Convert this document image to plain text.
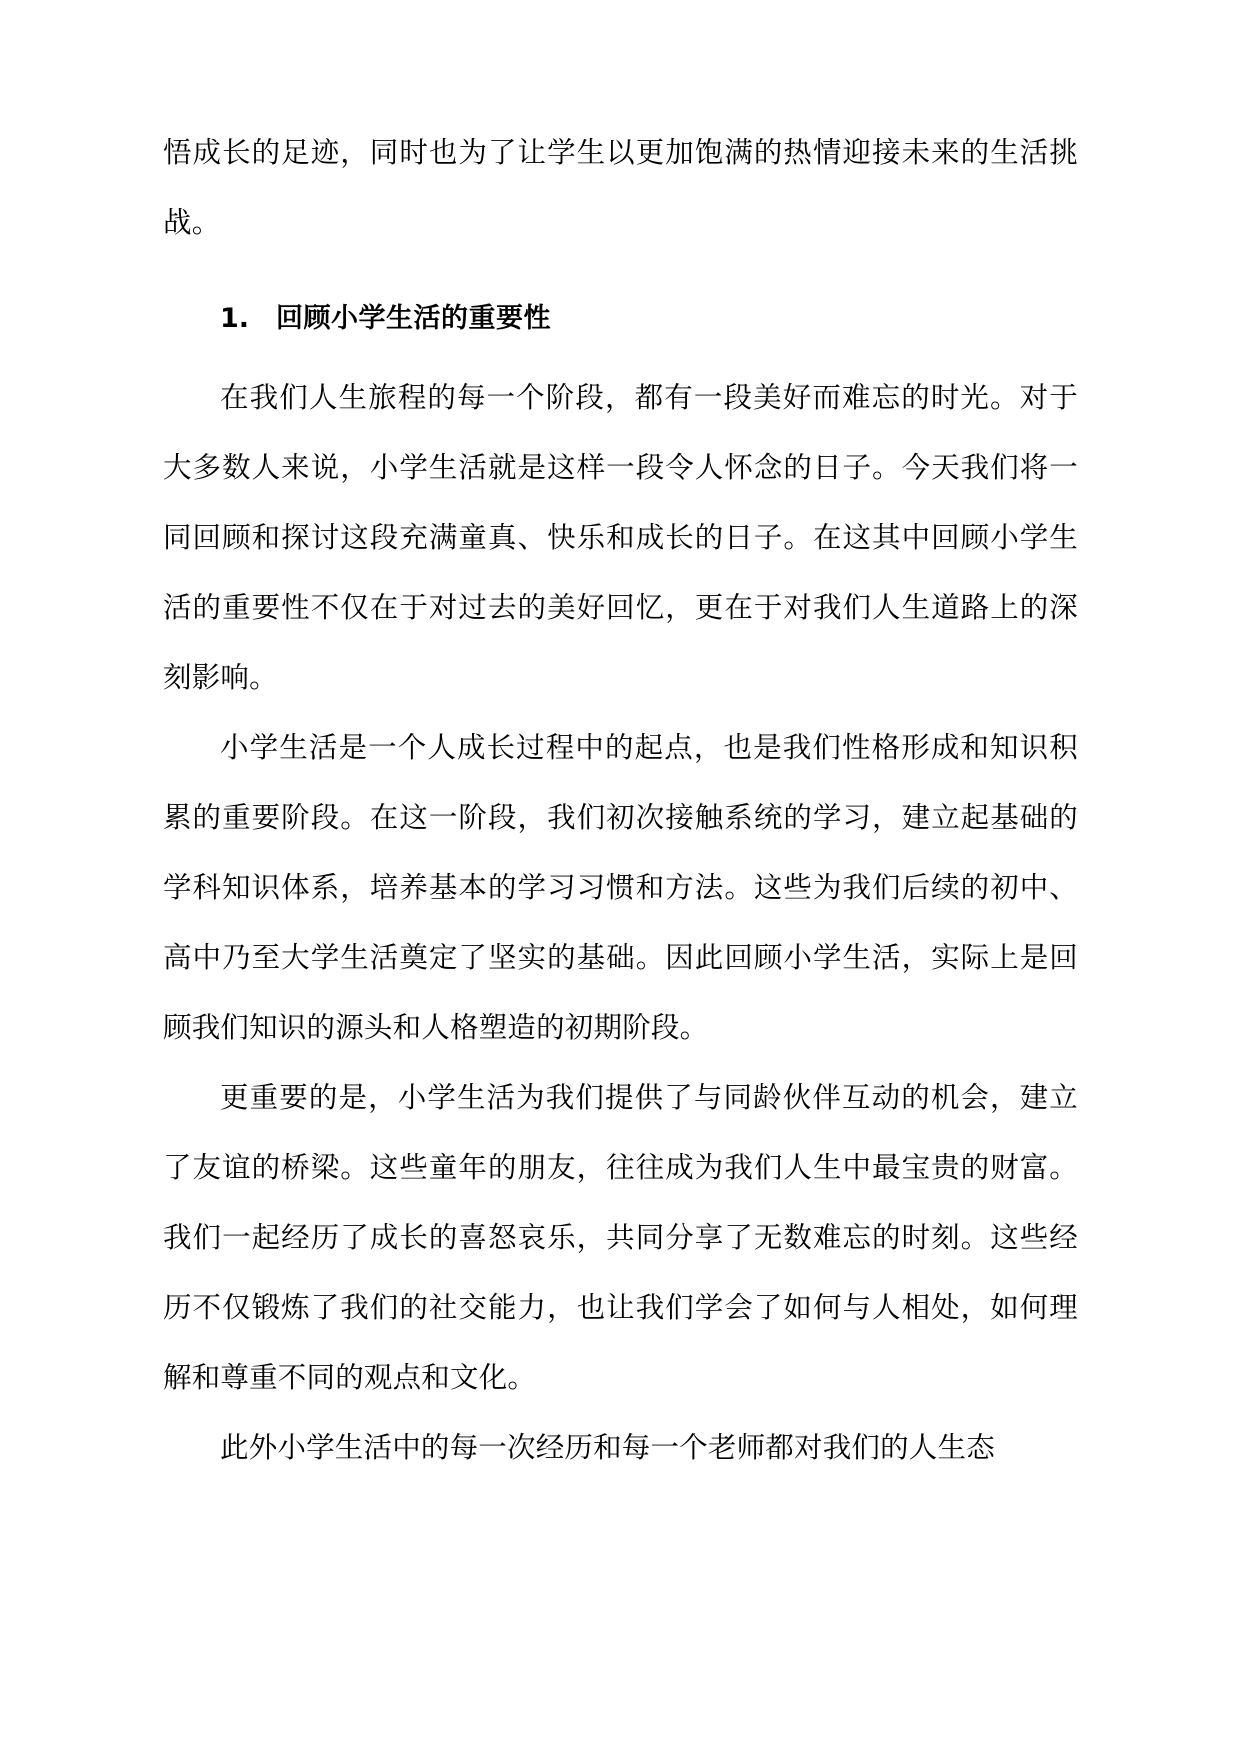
悟成长的足迹，同时也为了让学生以更加饱满的热情迎接未来的生活挑战。

1. 回顾小学生活的重要性

在我们人生旅程的每一个阶段，都有一段美好而难忘的时光。对于大多数人来说，小学生活就是这样一段令人怀念的日子。今天我们将一同回顾和探讨这段充满童真、快乐和成长的日子。在这其中回顾小学生活的重要性不仅在于对过去的美好回忆，更在于对我们人生道路上的深刻影响。

小学生活是一个人成长过程中的起点，也是我们性格形成和知识积累的重要阶段。在这一阶段，我们初次接触系统的学习，建立起基础的学科知识体系，培养基本的学习习惯和方法。这些为我们后续的初中、高中乃至大学生活奠定了坚实的基础。因此回顾小学生活，实际上是回顾我们知识的源头和人格塑造的初期阶段。

更重要的是，小学生活为我们提供了与同龄伙伴互动的机会，建立了友谊的桥梁。这些童年的朋友，往往成为我们人生中最宝贵的财富。我们一起经历了成长的喜怒哀乐，共同分享了无数难忘的时刻。这些经历不仅锻炼了我们的社交能力，也让我们学会了如何与人相处，如何理解和尊重不同的观点和文化。

此外小学生活中的每一次经历和每一个老师都对我们的人生态
